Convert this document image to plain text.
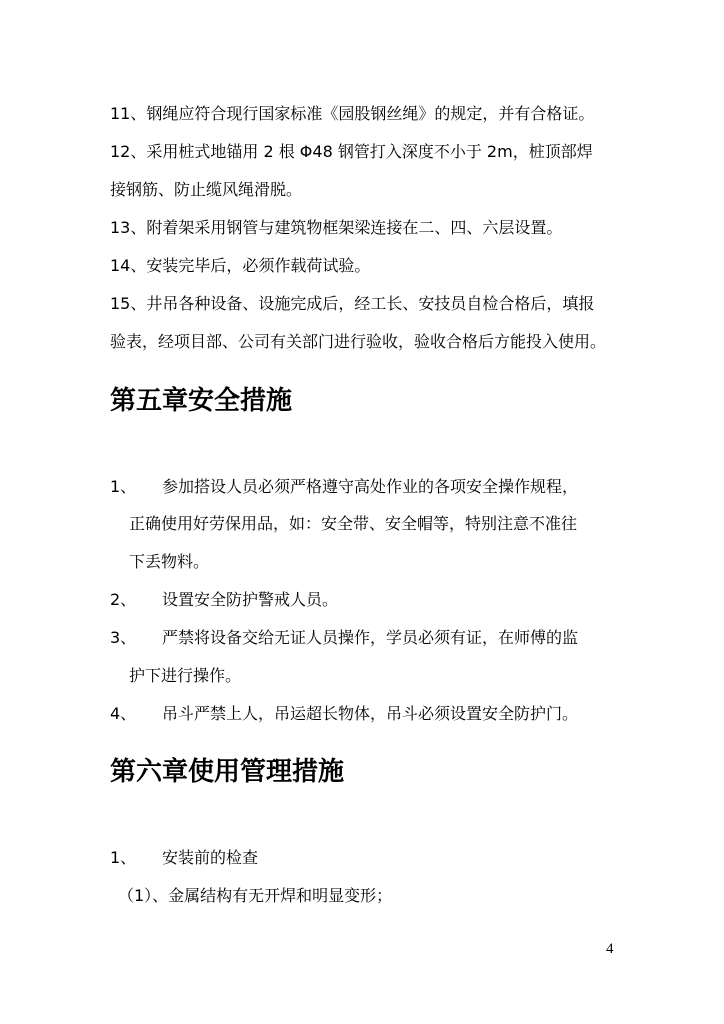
11、钢绳应符合现行国家标准《园股钢丝绳》的规定，并有合格证。
12、采用桩式地锚用 2 根 Φ48 钢管打入深度不小于 2m，桩顶部焊
接钢筋、防止缆风绳滑脱。
13、附着架采用钢管与建筑物框架梁连接在二、四、六层设置。
14、安装完毕后，必须作载荷试验。
15、井吊各种设备、设施完成后，经工长、安技员自检合格后，填报
验表，经项目部、公司有关部门进行验收，验收合格后方能投入使用。
第五章安全措施
1、 参加搭设人员必须严格遵守高处作业的各项安全操作规程，
正确使用好劳保用品，如：安全带、安全帽等，特别注意不准往
下丢物料。
2、 设置安全防护警戒人员。
3、 严禁将设备交给无证人员操作，学员必须有证，在师傅的监
护下进行操作。
4、 吊斗严禁上人，吊运超长物体，吊斗必须设置安全防护门。
第六章使用管理措施
1、 安装前的检查
（1）、金属结构有无开焊和明显变形；
4
